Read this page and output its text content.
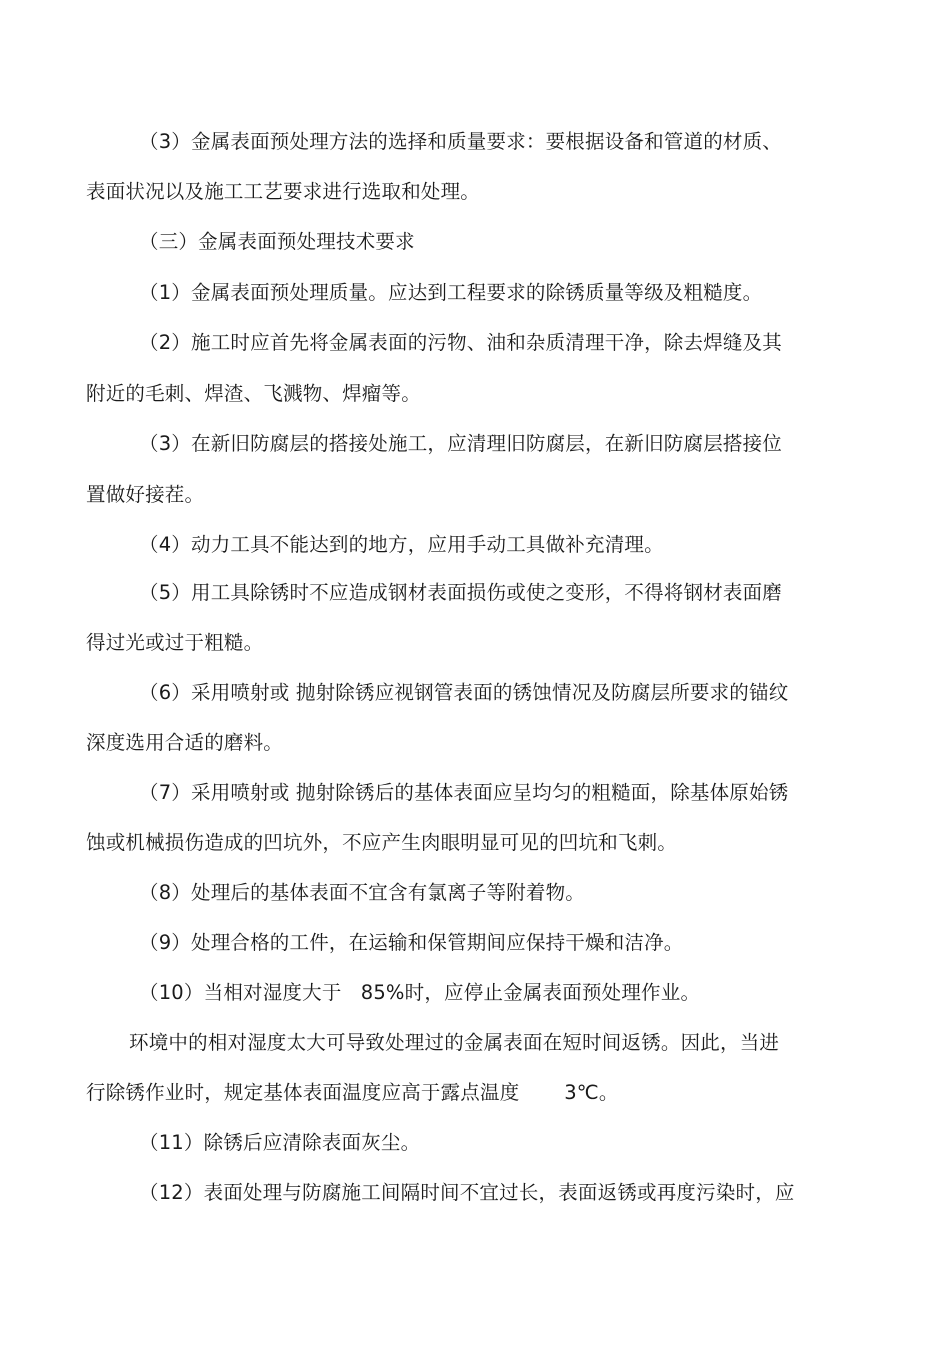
（3）金属表面预处理方法的选择和质量要求：要根据设备和管道的材质、
表面状况以及施工工艺要求进行选取和处理。
（三）金属表面预处理技术要求
（1）金属表面预处理质量。应达到工程要求的除锈质量等级及粗糙度。
（2）施工时应首先将金属表面的污物、油和杂质清理干净，除去焊缝及其
附近的毛刺、焊渣、飞溅物、焊瘤等。
（3）在新旧防腐层的搭接处施工，应清理旧防腐层，在新旧防腐层搭接位
置做好接茬。
（4）动力工具不能达到的地方，应用手动工具做补充清理。
（5）用工具除锈时不应造成钢材表面损伤或使之变形，不得将钢材表面磨
得过光或过于粗糙。
（6）采用喷射或 抛射除锈应视钢管表面的锈蚀情况及防腐层所要求的锚纹
深度选用合适的磨料。
（7）采用喷射或 抛射除锈后的基体表面应呈均匀的粗糙面，除基体原始锈
蚀或机械损伤造成的凹坑外，不应产生肉眼明显可见的凹坑和飞刺。
（8）处理后的基体表面不宜含有氯离子等附着物。
（9）处理合格的工件，在运输和保管期间应保持干燥和洁净。
（10）当相对湿度大于   85%时，应停止金属表面预处理作业。
环境中的相对湿度太大可导致处理过的金属表面在短时间返锈。因此，当进
行除锈作业时，规定基体表面温度应高于露点温度       3℃。
（11）除锈后应清除表面灰尘。
（12）表面处理与防腐施工间隔时间不宜过长，表面返锈或再度污染时，应
